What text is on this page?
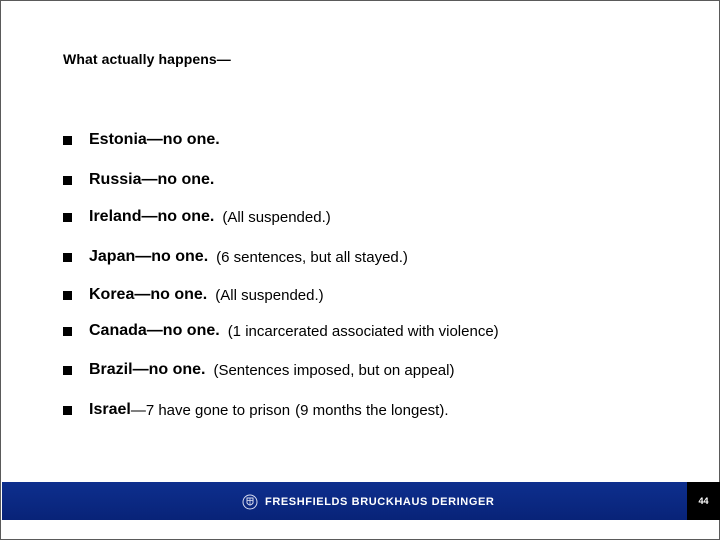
What actually happens—
Estonia — no one.
Russia — no one.
Ireland — no one. (All suspended.)
Japan — no one. (6 sentences, but all stayed.)
Korea — no one. (All suspended.)
Canada — no one. (1 incarcerated associated with violence)
Brazil — no one. (Sentences imposed, but on appeal)
Israel — 7 have gone to prison (9 months the longest).
FRESHFIELDS BRUCKHAUS DERINGER	44
